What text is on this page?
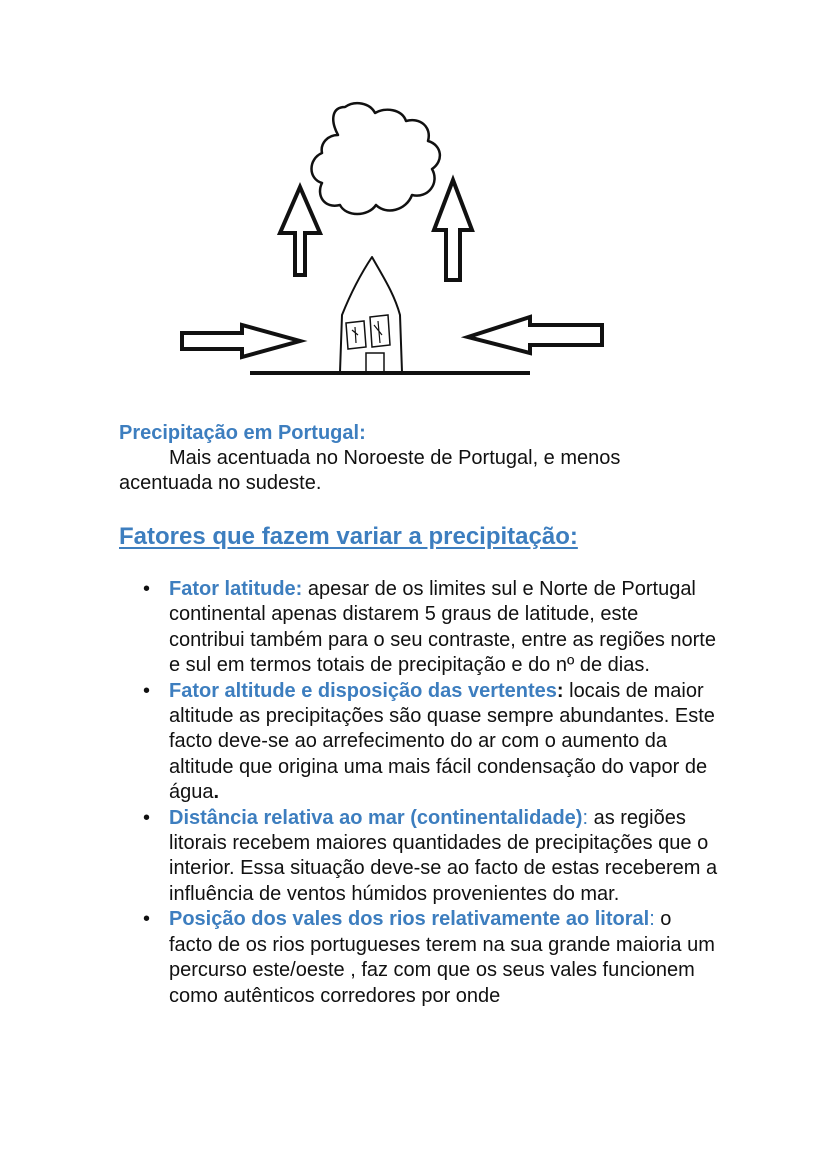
Precipitação em Portugal:

Mais acentuada no Noroeste de Portugal, e menos
acentuada no sudeste.

Fatores que fazem variar a precipitação:
• Fator latitude: apesar de os limites sul e Norte de Portugal continental apenas distarem 5 graus de latitude, este contribui também para o seu contraste, entre as regiões norte e sul em termos totais de precipitação e do nº de dias.
• Fator altitude e disposição das vertentes: locais de maior altitude as precipitações são quase sempre abundantes. Este facto deve-se ao arrefecimento do ar com o aumento da altitude que origina uma mais fácil condensação do vapor de água.
• Distância relativa ao mar (continentalidade): as regiões litorais recebem maiores quantidades de precipitações que o interior. Essa situação deve-se ao facto de estas receberem a influência de ventos húmidos provenientes do mar.
• Posição dos vales dos rios relativamente ao litoral: o facto de os rios portugueses terem na sua grande maioria um percurso este/oeste , faz com que os seus vales funcionem como autênticos corredores por onde
